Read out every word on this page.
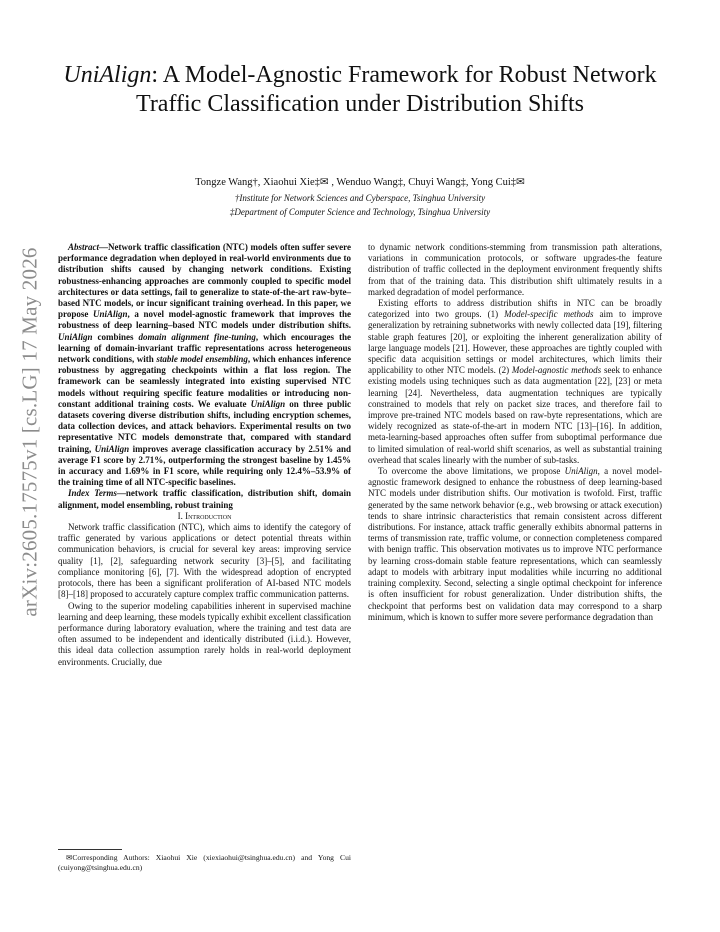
arXiv:2605.17575v1 [cs.LG] 17 May 2026
UniAlign: A Model-Agnostic Framework for Robust Network Traffic Classification under Distribution Shifts
Tongze Wang†, Xiaohui Xie‡✉ , Wenduo Wang‡, Chuyi Wang‡, Yong Cui‡✉
†Institute for Network Sciences and Cyberspace, Tsinghua University
‡Department of Computer Science and Technology, Tsinghua University

Abstract—Network traffic classification (NTC) models often suffer severe performance degradation when deployed in real-world environments due to distribution shifts caused by changing network conditions. Existing robustness-enhancing approaches are commonly coupled to specific model architectures or data settings, fail to generalize to state-of-the-art raw-byte–based NTC models, or incur significant training overhead. In this paper, we propose UniAlign, a novel model-agnostic framework that improves the robustness of deep learning–based NTC models under distribution shifts. UniAlign combines domain alignment fine-tuning, which encourages the learning of domain-invariant traffic representations across heterogeneous network conditions, with stable model ensembling, which enhances inference robustness by aggregating checkpoints within a flat loss region. The framework can be seamlessly integrated into existing supervised NTC models without requiring specific feature modalities or introducing non-constant additional training costs. We evaluate UniAlign on three public datasets covering diverse distribution shifts, including encryption schemes, data collection devices, and attack behaviors. Experimental results on two representative NTC models demonstrate that, compared with standard training, UniAlign improves average classification accuracy by 2.51% and average F1 score by 2.71%, outperforming the strongest baseline by 1.45% in accuracy and 1.69% in F1 score, while requiring only 12.4%–53.9% of the training time of all NTC-specific baselines.

Index Terms—network traffic classification, distribution shift, domain alignment, model ensembling, robust training

I. Introduction

Network traffic classification (NTC), which aims to identify the category of traffic generated by various applications or detect potential threats within communication behaviors, is crucial for several key areas: improving service quality [1], [2], safeguarding network security [3]–[5], and facilitating compliance monitoring [6], [7]. With the widespread adoption of encrypted protocols, there has been a significant proliferation of AI-based NTC models [8]–[18] proposed to accurately capture complex traffic communication patterns.

Owing to the superior modeling capabilities inherent in supervised machine learning and deep learning, these models typically exhibit excellent classification performance during laboratory evaluation, where the training and test data are often assumed to be independent and identically distributed (i.i.d.). However, this ideal data collection assumption rarely holds in real-world deployment environments. Crucially, due

to dynamic network conditions-stemming from transmission path alterations, variations in communication protocols, or software upgrades-the feature distribution of traffic collected in the deployment environment frequently shifts from that of the training data. This distribution shift ultimately results in a marked degradation of model performance.

Existing efforts to address distribution shifts in NTC can be broadly categorized into two groups. (1) Model-specific methods aim to improve generalization by retraining subnetworks with newly collected data [19], filtering stable graph features [20], or exploiting the inherent generalization ability of large language models [21]. However, these approaches are tightly coupled with specific data acquisition settings or model architectures, which limits their applicability to other NTC models. (2) Model-agnostic methods seek to enhance existing models using techniques such as data augmentation [22], [23] or meta learning [24]. Nevertheless, data augmentation techniques are typically constrained to models that rely on packet size traces, and therefore fail to improve pre-trained NTC models based on raw-byte representations, which are widely recognized as state-of-the-art in modern NTC [13]–[16]. In addition, meta-learning-based approaches often suffer from suboptimal performance due to limited simulation of real-world shift scenarios, as well as substantial training overhead that scales linearly with the number of sub-tasks.

To overcome the above limitations, we propose UniAlign, a novel model-agnostic framework designed to enhance the robustness of deep learning-based NTC models under distribution shifts. Our motivation is twofold. First, traffic generated by the same network behavior (e.g., web browsing or attack execution) tends to share intrinsic characteristics that remain consistent across different distributions. For instance, attack traffic generally exhibits abnormal patterns in terms of transmission rate, traffic volume, or connection completeness compared with benign traffic. This observation motivates us to improve NTC performance by learning cross-domain stable feature representations, which can seamlessly adapt to models with arbitrary input modalities while incurring no additional training complexity. Second, selecting a single optimal checkpoint for inference is often insufficient for robust generalization. Under distribution shifts, the checkpoint that performs best on validation data may correspond to a sharp minimum, which is known to suffer more severe performance degradation than

✉Corresponding Authors: Xiaohui Xie (xiexiaohui@tsinghua.edu.cn) and Yong Cui (cuiyong@tsinghua.edu.cn)
